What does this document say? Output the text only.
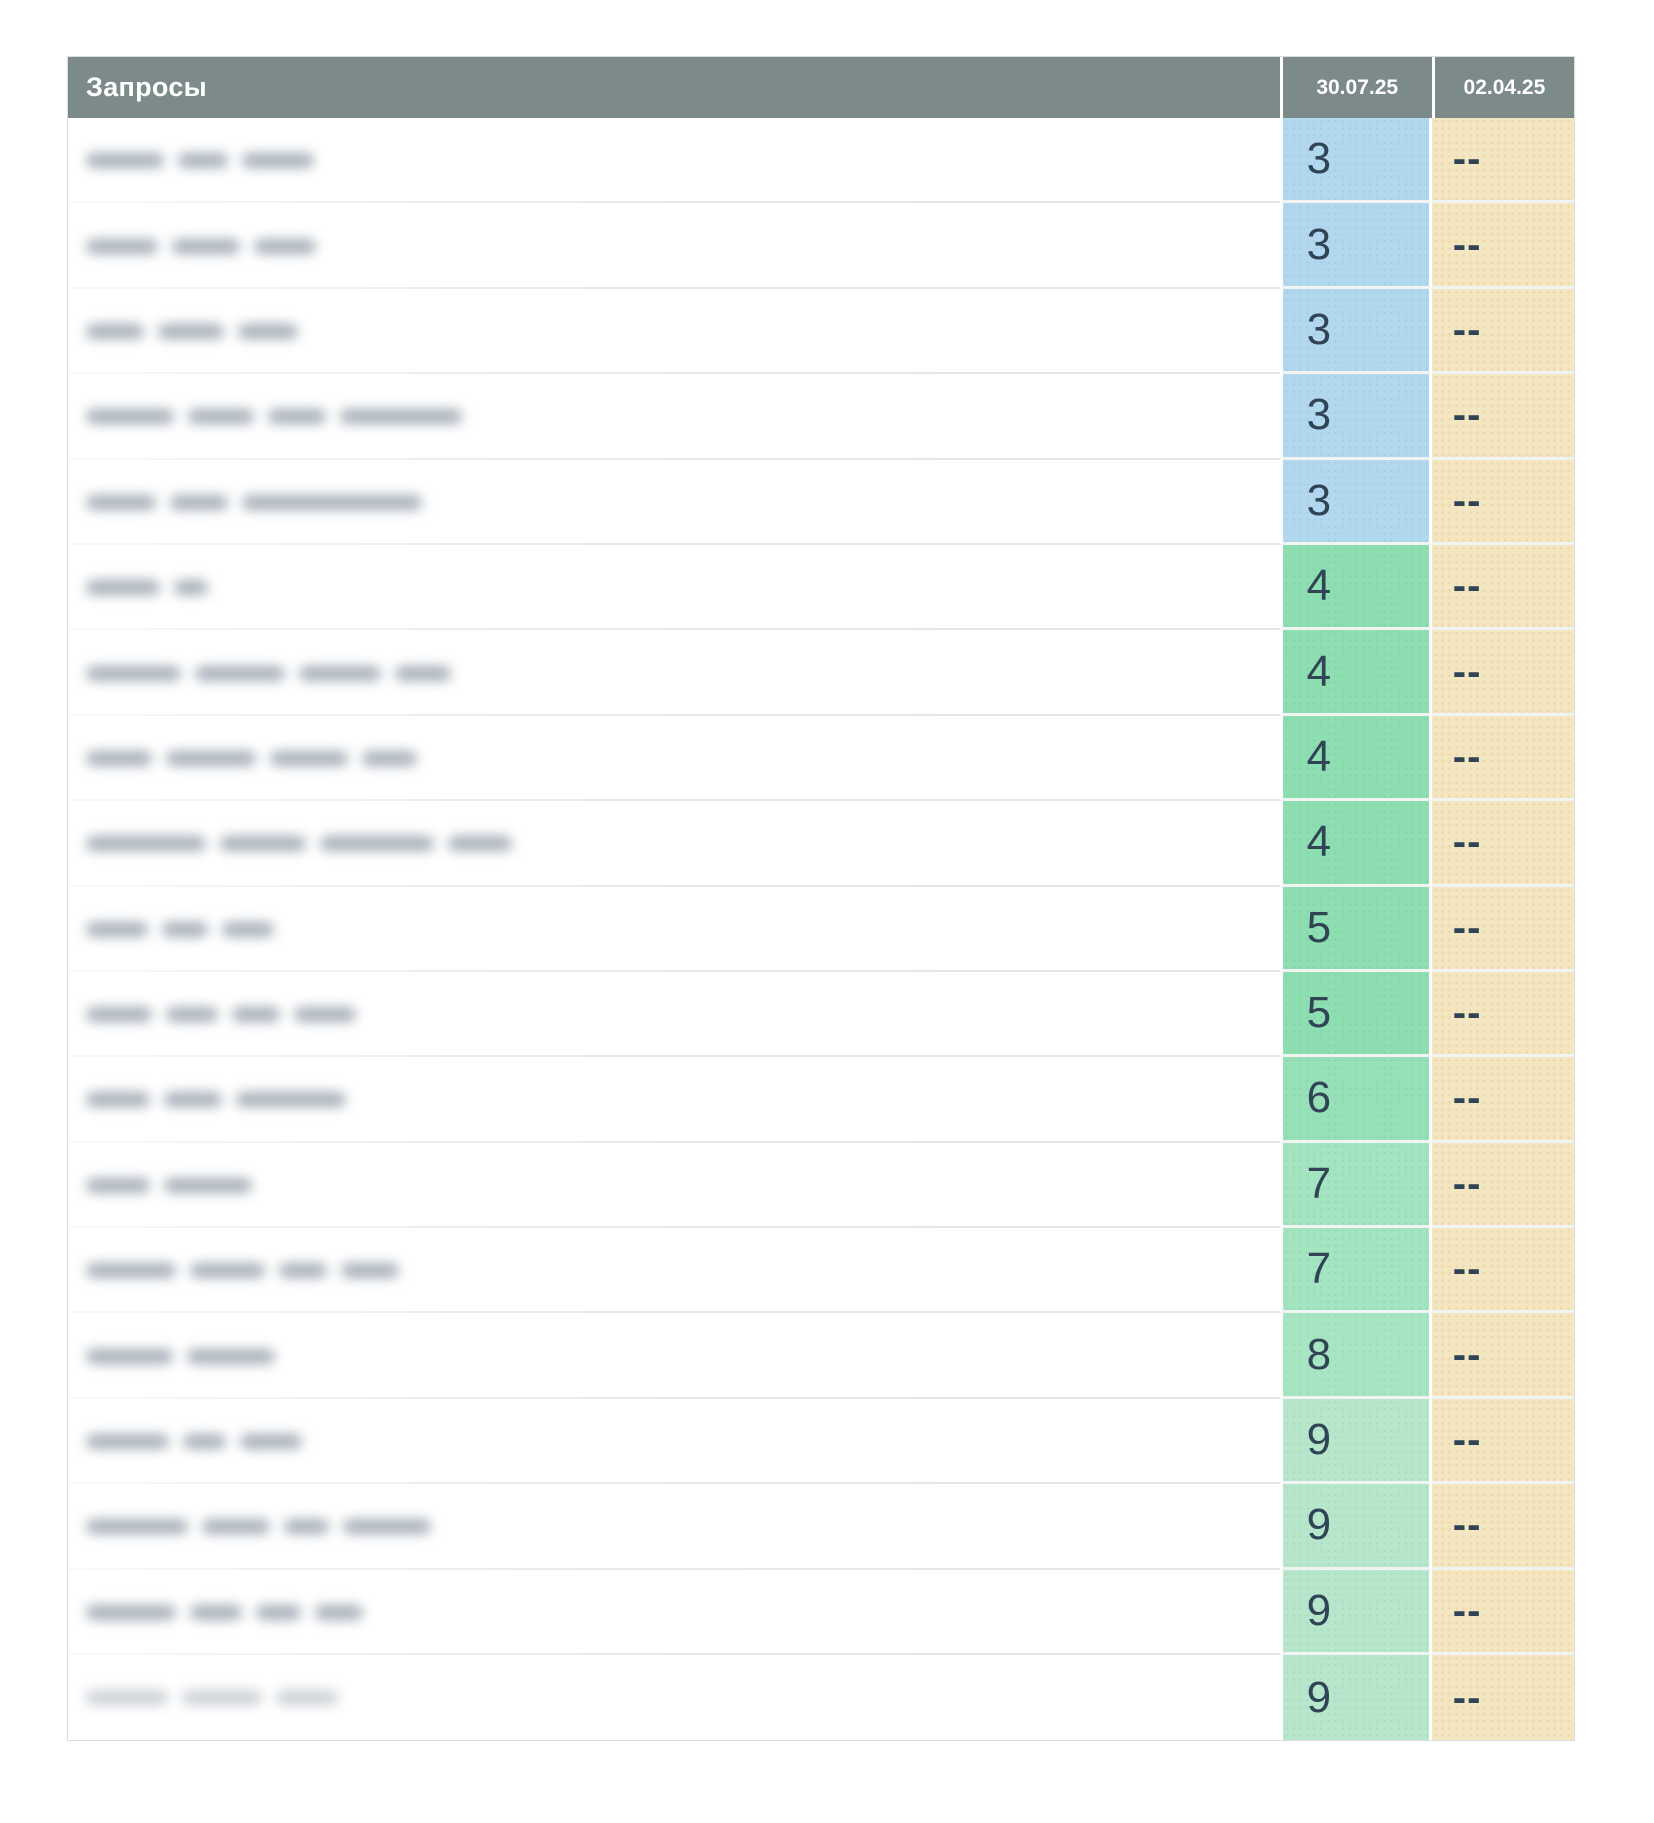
Запросы	30.07.25	02.04.25

	3	--

	3	--

	3	--

	3	--

	3	--

	4	--

	4	--

	4	--

	4	--

	5	--

	5	--

	6	--

	7	--

	7	--

	8	--

	9	--

	9	--

	9	--

	9	--
